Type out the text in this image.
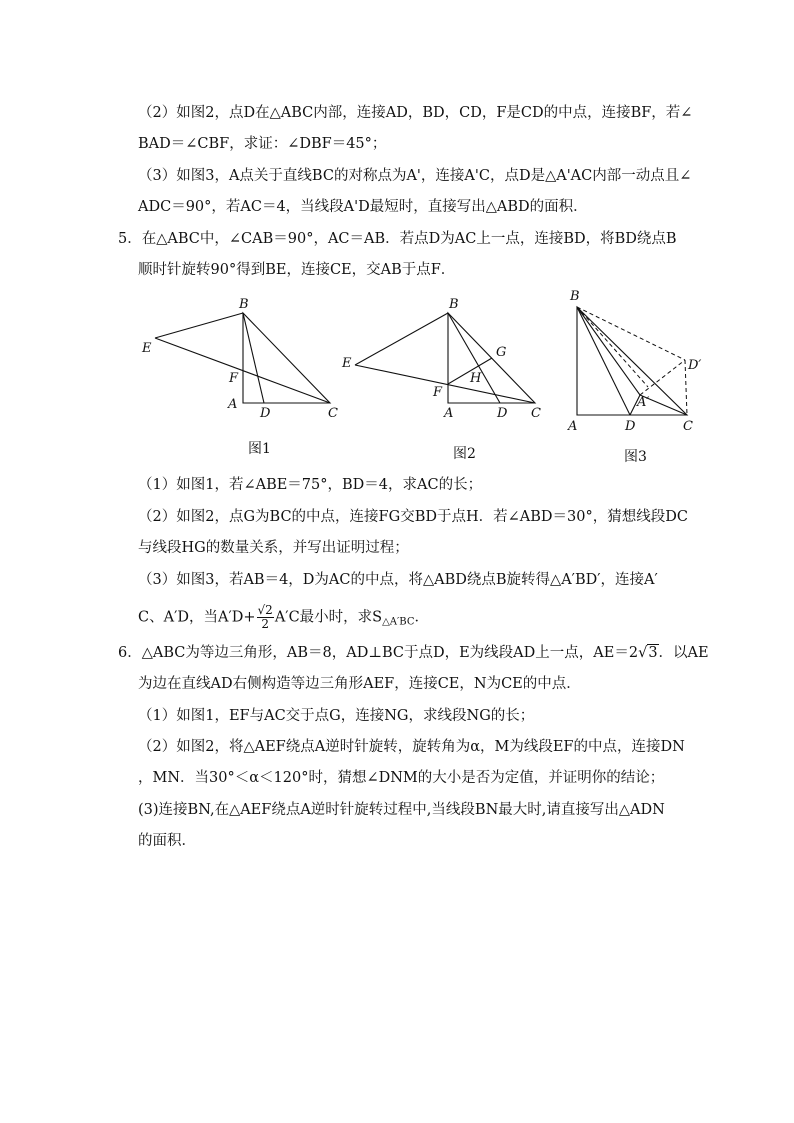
（2）如图2，点D在△ABC内部，连接AD，BD，CD，F是CD的中点，连接BF，若∠
BAD＝∠CBF，求证：∠DBF＝45°；
（3）如图3，A点关于直线BC的对称点为A'，连接A'C，点D是△A'AC内部一动点且∠
ADC＝90°，若AC＝4，当线段A'D最短时，直接写出△ABD的面积．
5．在△ABC中，∠CAB＝90°，AC＝AB．若点D为AC上一点，连接BD，将BD绕点B
顺时针旋转90°得到BE，连接CE，交AB于点F．
B
E
F
A
D	C
图1
B
E
G
H
F
A	D C
图2
B
D′
A′
A	D	C
图3
（1）如图1，若∠ABE＝75°，BD＝4，求AC的长；
（2）如图2，点G为BC的中点，连接FG交BD于点H．若∠ABD＝30°，猜想线段DC
与线段HG的数量关系，并写出证明过程；
（3）如图3，若AB＝4，D为AC的中点，将△ABD绕点B旋转得△A′BD′，连接A′
C、A′D，当$A'D+ \frac{√2}{2} A'C$最小时，求$S_{\triangle A'BC}$．
6．△ABC为等边三角形，AB＝8，AD⊥BC于点D，E为线段AD上一点，AE＝2√3．以AE
为边在直线AD右侧构造等边三角形AEF，连接CE，N为CE的中点．
（1）如图1，EF与AC交于点G，连接NG，求线段NG的长；
（2）如图2，将△AEF绕点A逆时针旋转，旋转角为α，M为线段EF的中点，连接DN
，MN．当30°＜α＜120°时，猜想∠DNM的大小是否为定值，并证明你的结论；
(3)连接BN,在△AEF绕点A逆时针旋转过程中,当线段BN最大时,请直接写出△ADN
的面积．
